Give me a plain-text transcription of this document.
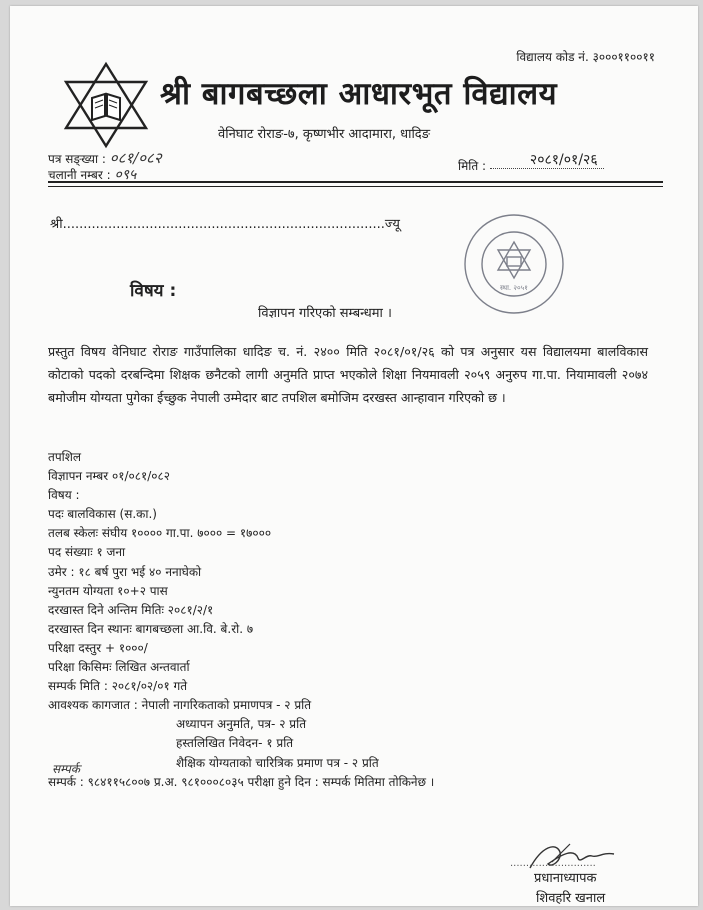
विद्यालय कोड नं. ३०००११००११
श्री बागबच्छला आधारभूत विद्यालय
वेनिघाट रोराङ-७, कृष्णभीर आदामारा, धादिङ
पत्र सङ्ख्या : ०८१/०८२
चलानी नम्बर : ०९५
मिति :	२०८१/०१/२६
श्री..............................................................................ज्यू
स्था. २०५१
विषय :
विज्ञापन गरिएको सम्बन्धमा ।
प्रस्तुत विषय वेनिघाट रोराङ गाउँपालिका धादिङ च. नं. २४०० मिति २०८१/०१/२६ को पत्र अनुसार यस विद्यालयमा बालविकास कोटाको पदको दरबन्दिमा शिक्षक छनैटको लागी अनुमति प्राप्त भएकोले शिक्षा नियमावली २०५९ अनुरुप गा.पा. नियामावली २०७४ बमोजीम योग्यता पुगेका ईच्छुक नेपाली उम्मेदार बाट तपशिल बमोजिम दरखस्त आन्हावान गरिएको छ ।
तपशिल
विज्ञापन नम्बर ०१/०८१/०८२
विषय :
पदः बालविकास (स.का.)
तलब स्केलः संघीय १०००० गा.पा. ७००० = १७०००
पद संख्याः १ जना
उमेर : १८ बर्ष पुरा भई ४० ननाघेको
न्युनतम योग्यता १०+२ पास
दरखास्त दिने अन्तिम मितिः २०८१/२/१
दरखास्त दिन स्थानः बागबच्छला आ.वि. बे.रो. ७
परिक्षा दस्तुर + १०००/
परिक्षा किसिमः लिखित अन्तवार्ता
सम्पर्क मिति : २०८१/०२/०१ गते
आवश्यक कागजात : नेपाली नागरिकताको प्रमाणपत्र - २ प्रति
अध्यापन अनुमति, पत्र- २ प्रति
हस्तलिखित निवेदन- १ प्रति
शैक्षिक योग्यताको चारित्रिक प्रमाण पत्र - २ प्रति
सम्पर्क : ९८४११५८००७ प्र.अ. ९८१०००८०३५ परीक्षा हुने दिन : सम्पर्क मितिमा तोकिनेछ ।
सम्पर्क
...........................
प्रधानाध्यापक
शिवहरि खनाल
